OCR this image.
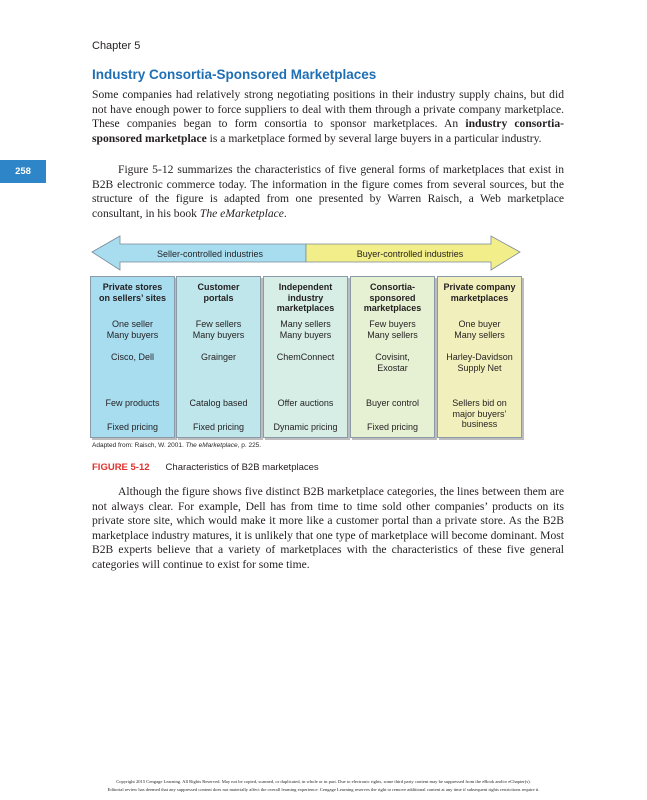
Chapter 5
258
Industry Consortia-Sponsored Marketplaces

Some companies had relatively strong negotiating positions in their industry supply chains, but did not have enough power to force suppliers to deal with them through a private company marketplace. These companies began to form consortia to sponsor marketplaces. An industry consortia-sponsored marketplace is a marketplace formed by several large buyers in a particular industry.

Figure 5-12 summarizes the characteristics of five general forms of marketplaces that exist in B2B electronic commerce today. The information in the figure comes from several sources, but the structure of the figure is adapted from one presented by Warren Raisch, a Web marketplace consultant, in his book The eMarketplace.

Seller-controlled industries	Buyer-controlled industries
Private stores
on sellers’ sites
One seller
Many buyers
Cisco, Dell
Few products
Fixed pricing
Customer
portals
Few sellers
Many buyers
Grainger
Catalog based
Fixed pricing
Independent
industry
marketplaces
Many sellers
Many buyers
ChemConnect
Offer auctions
Dynamic pricing
Consortia-
sponsored
marketplaces
Few buyers
Many sellers
Covisint,
Exostar
Buyer control
Fixed pricing
Private company
marketplaces
One buyer
Many sellers
Harley-Davidson
Supply Net
Sellers bid on
major buyers’
business
Adapted from: Raisch, W. 2001. The eMarketplace, p. 225.
FIGURE 5-12 Characteristics of B2B marketplaces

Although the figure shows five distinct B2B marketplace categories, the lines between them are not always clear. For example, Dell has from time to time sold other companies’ products on its private store site, which would make it more like a customer portal than a private store. As the B2B marketplace industry matures, it is unlikely that one type of marketplace will become dominant. Most B2B experts believe that a variety of marketplaces with the characteristics of these five general categories will continue to exist for some time.

Copyright 2015 Cengage Learning. All Rights Reserved. May not be copied, scanned, or duplicated, in whole or in part. Due to electronic rights, some third party content may be suppressed from the eBook and/or eChapter(s).
Editorial review has deemed that any suppressed content does not materially affect the overall learning experience. Cengage Learning reserves the right to remove additional content at any time if subsequent rights restrictions require it.
